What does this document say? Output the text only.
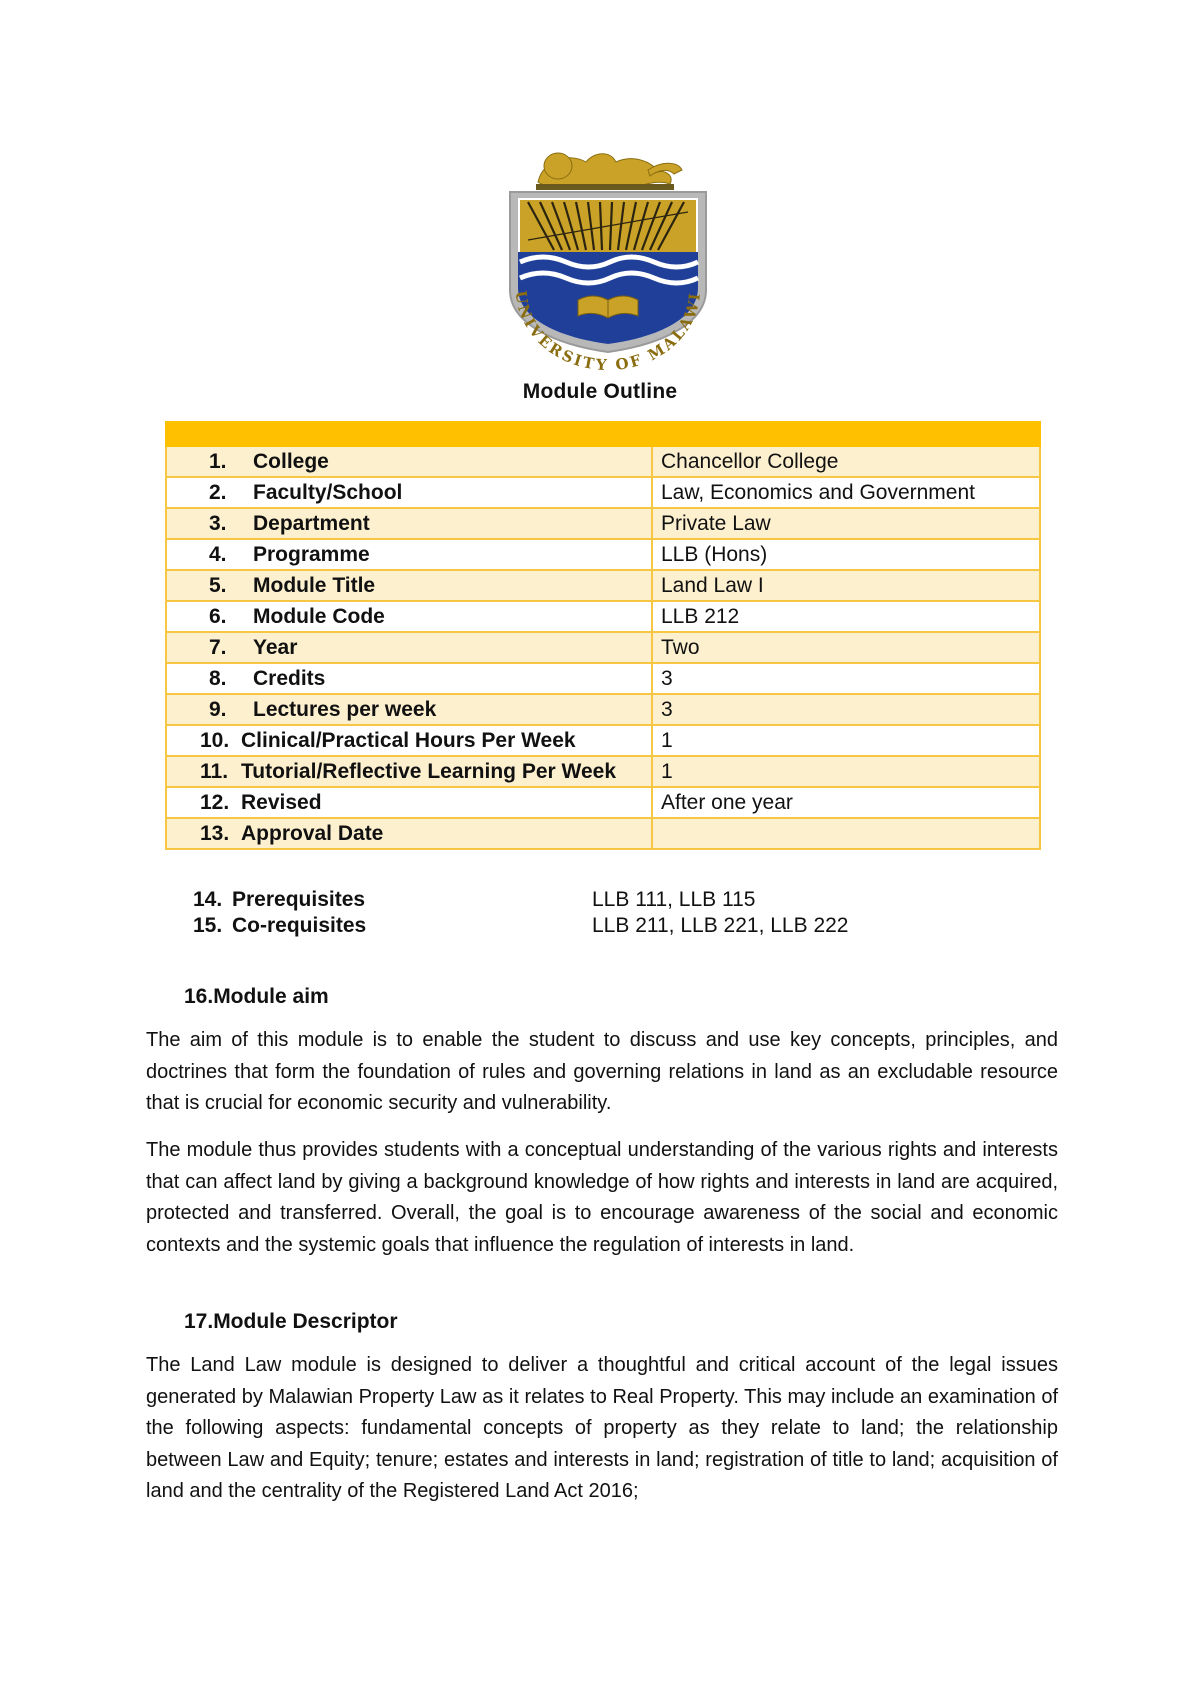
UNIVERSITY OF MALAWI
Module Outline

1. College	Chancellor College

2. Faculty/School	Law, Economics and Government

3. Department	Private Law

4. Programme	LLB (Hons)

5. Module Title	Land Law I

6. Module Code	LLB 212

7. Year	Two

8. Credits	3

9. Lectures per week	3

10. Clinical/Practical Hours Per Week	1

11. Tutorial/Reflective Learning Per Week	1

12. Revised	After one year

13. Approval Date	

14. Prerequisites	LLB 111, LLB 115
15. Co-requisites	LLB 211, LLB 221, LLB 222
16.Module aim

The aim of this module is to enable the student to discuss and use key concepts, principles, and doctrines that form the foundation of rules and governing relations in land as an excludable resource that is crucial for economic security and vulnerability.

The module thus provides students with a conceptual understanding of the various rights and interests that can affect land by giving a background knowledge of how rights and interests in land are acquired, protected and transferred. Overall, the goal is to encourage awareness of the social and economic contexts and the systemic goals that influence the regulation of interests in land.

17.Module Descriptor

The Land Law module is designed to deliver a thoughtful and critical account of the legal issues generated by Malawian Property Law as it relates to Real Property. This may include an examination of the following aspects: fundamental concepts of property as they relate to land; the relationship between Law and Equity; tenure; estates and interests in land; registration of title to land; acquisition of land and the centrality of the Registered Land Act 2016;
